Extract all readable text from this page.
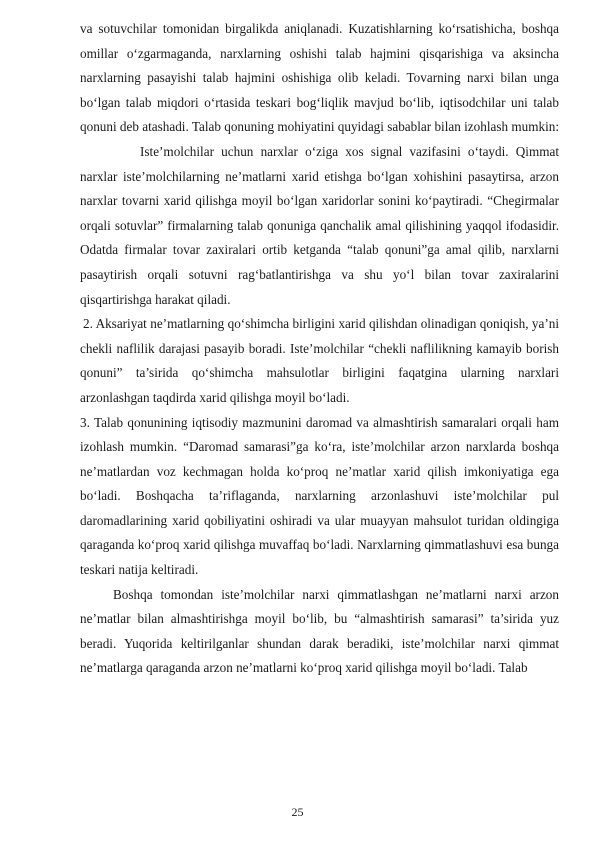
va sotuvchilar tomonidan birgalikda aniqlanadi. Kuzatishlarning ko‘rsatishicha, boshqa omillar o‘zgarmaganda, narxlarning oshishi talab hajmini qisqarishiga va aksincha narxlarning pasayishi talab hajmini oshishiga olib keladi. Tovarning narxi bilan unga bo‘lgan talab miqdori o‘rtasida teskari bog‘liqlik mavjud bo‘lib, iqtisodchilar uni talab qonuni deb atashadi. Talab qonuning mohiyatini quyidagi sabablar bilan izohlash mumkin:

Iste’molchilar uchun narxlar o‘ziga xos signal vazifasini o‘taydi. Qimmat narxlar iste’molchilarning ne’matlarni xarid etishga bo‘lgan xohishini pasaytirsa, arzon narxlar tovarni xarid qilishga moyil bo‘lgan xaridorlar sonini ko‘paytiradi. “Chegirmalar orqali sotuvlar” firmalarning talab qonuniga qanchalik amal qilishining yaqqol ifodasidir. Odatda firmalar tovar zaxiralari ortib ketganda “talab qonuni”ga amal qilib, narxlarni pasaytirish orqali sotuvni rag‘batlantirishga va shu yo‘l bilan tovar zaxiralarini qisqartirishga harakat qiladi.

2. Aksariyat ne’matlarning qo‘shimcha birligini xarid qilishdan olinadigan qoniqish, ya’ni chekli naflilik darajasi pasayib boradi. Iste’molchilar “chekli naflilikning kamayib borish qonuni” ta’sirida qo‘shimcha mahsulotlar birligini faqatgina ularning narxlari arzonlashgan taqdirda xarid qilishga moyil bo‘ladi.

3. Talab qonunining iqtisodiy mazmunini daromad va almashtirish samaralari orqali ham izohlash mumkin. “Daromad samarasi”ga ko‘ra, iste’molchilar arzon narxlarda boshqa ne’matlardan voz kechmagan holda ko‘proq ne’matlar xarid qilish imkoniyatiga ega bo‘ladi. Boshqacha ta’riflaganda, narxlarning arzonlashuvi iste’molchilar pul daromadlarining xarid qobiliyatini oshiradi va ular muayyan mahsulot turidan oldingiga qaraganda ko‘proq xarid qilishga muvaffaq bo‘ladi. Narxlarning qimmatlashuvi esa bunga teskari natija keltiradi.

Boshqa tomondan iste’molchilar narxi qimmatlashgan ne’matlarni narxi arzon ne’matlar bilan almashtirishga moyil bo‘lib, bu “almashtirish samarasi” ta’sirida yuz beradi. Yuqorida keltirilganlar shundan darak beradiki, iste’molchilar narxi qimmat ne’matlarga qaraganda arzon ne’matlarni ko‘proq xarid qilishga moyil bo‘ladi. Talab

25
